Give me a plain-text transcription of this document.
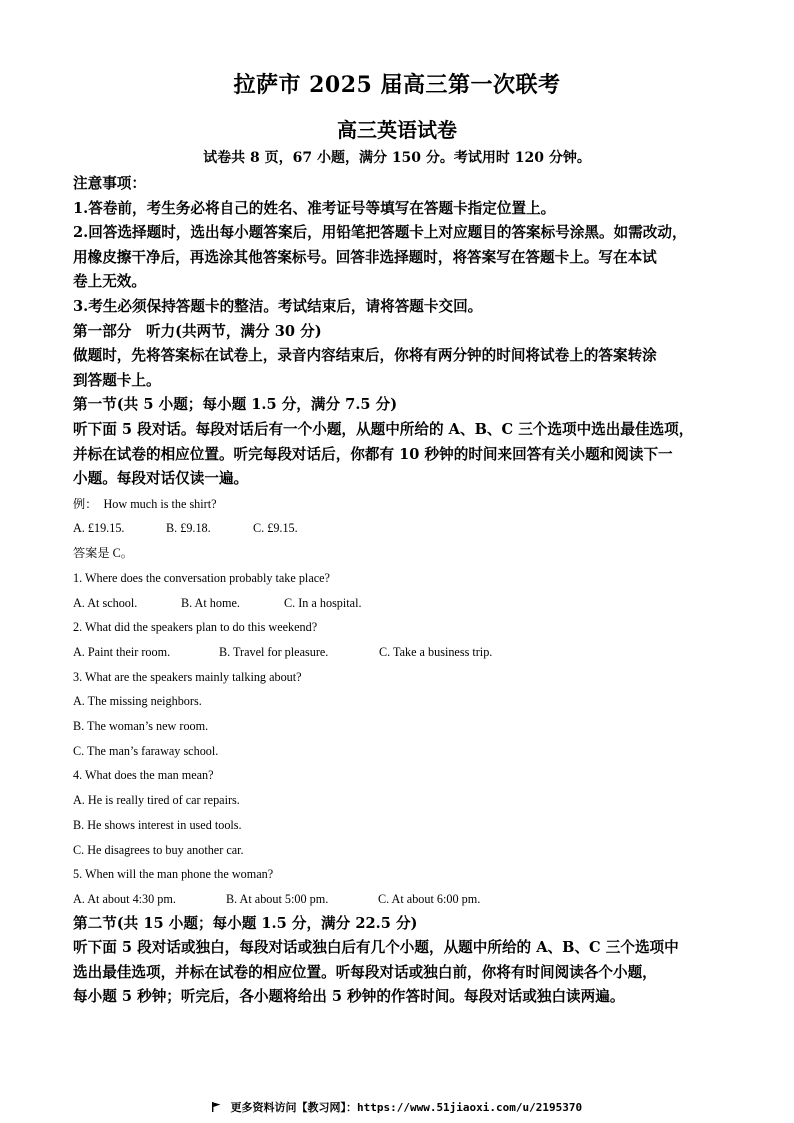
拉萨市 2025 届高三第一次联考
高三英语试卷
试卷共 8 页，67 小题，满分 150 分。考试用时 120 分钟。

注意事项：

1.答卷前，考生务必将自己的姓名、准考证号等填写在答题卡指定位置上。

2.回答选择题时，选出每小题答案后，用铅笔把答题卡上对应题目的答案标号涂黑。如需改动，

用橡皮擦干净后，再选涂其他答案标号。回答非选择题时，将答案写在答题卡上。写在本试

卷上无效。

3.考生必须保持答题卡的整洁。考试结束后，请将答题卡交回。

第一部分　听力(共两节，满分 30 分)

做题时，先将答案标在试卷上，录音内容结束后，你将有两分钟的时间将试卷上的答案转涂

到答题卡上。

第一节(共 5 小题；每小题 1.5 分，满分 7.5 分)

听下面 5 段对话。每段对话后有一个小题，从题中所给的 A、B、C 三个选项中选出最佳选项，

并标在试卷的相应位置。听完每段对话后，你都有 10 秒钟的时间来回答有关小题和阅读下一

小题。每段对话仅读一遍。

例：　How much is the shirt?

A. £19.15.	B. £9.18.	C. £9.15.

答案是 C。

1. Where does the conversation probably take place?

A. At school.	B. At home.	C. In a hospital.

2. What did the speakers plan to do this weekend?

A. Paint their room.	B. Travel for pleasure.	C. Take a business trip.

3. What are the speakers mainly talking about?

A. The missing neighbors.

B. The woman’s new room.

C. The man’s faraway school.

4. What does the man mean?

A. He is really tired of car repairs.

B. He shows interest in used tools.

C. He disagrees to buy another car.

5. When will the man phone the woman?

A. At about 4:30 pm.	B. At about 5:00 pm.	C. At about 6:00 pm.

第二节(共 15 小题；每小题 1.5 分，满分 22.5 分)

听下面 5 段对话或独白，每段对话或独白后有几个小题，从题中所给的 A、B、C 三个选项中

选出最佳选项，并标在试卷的相应位置。听每段对话或独白前，你将有时间阅读各个小题，

每小题 5 秒钟；听完后，各小题将给出 5 秒钟的作答时间。每段对话或独白读两遍。

更多资料访问【教习网】：https://www.51jiaoxi.com/u/2195370
